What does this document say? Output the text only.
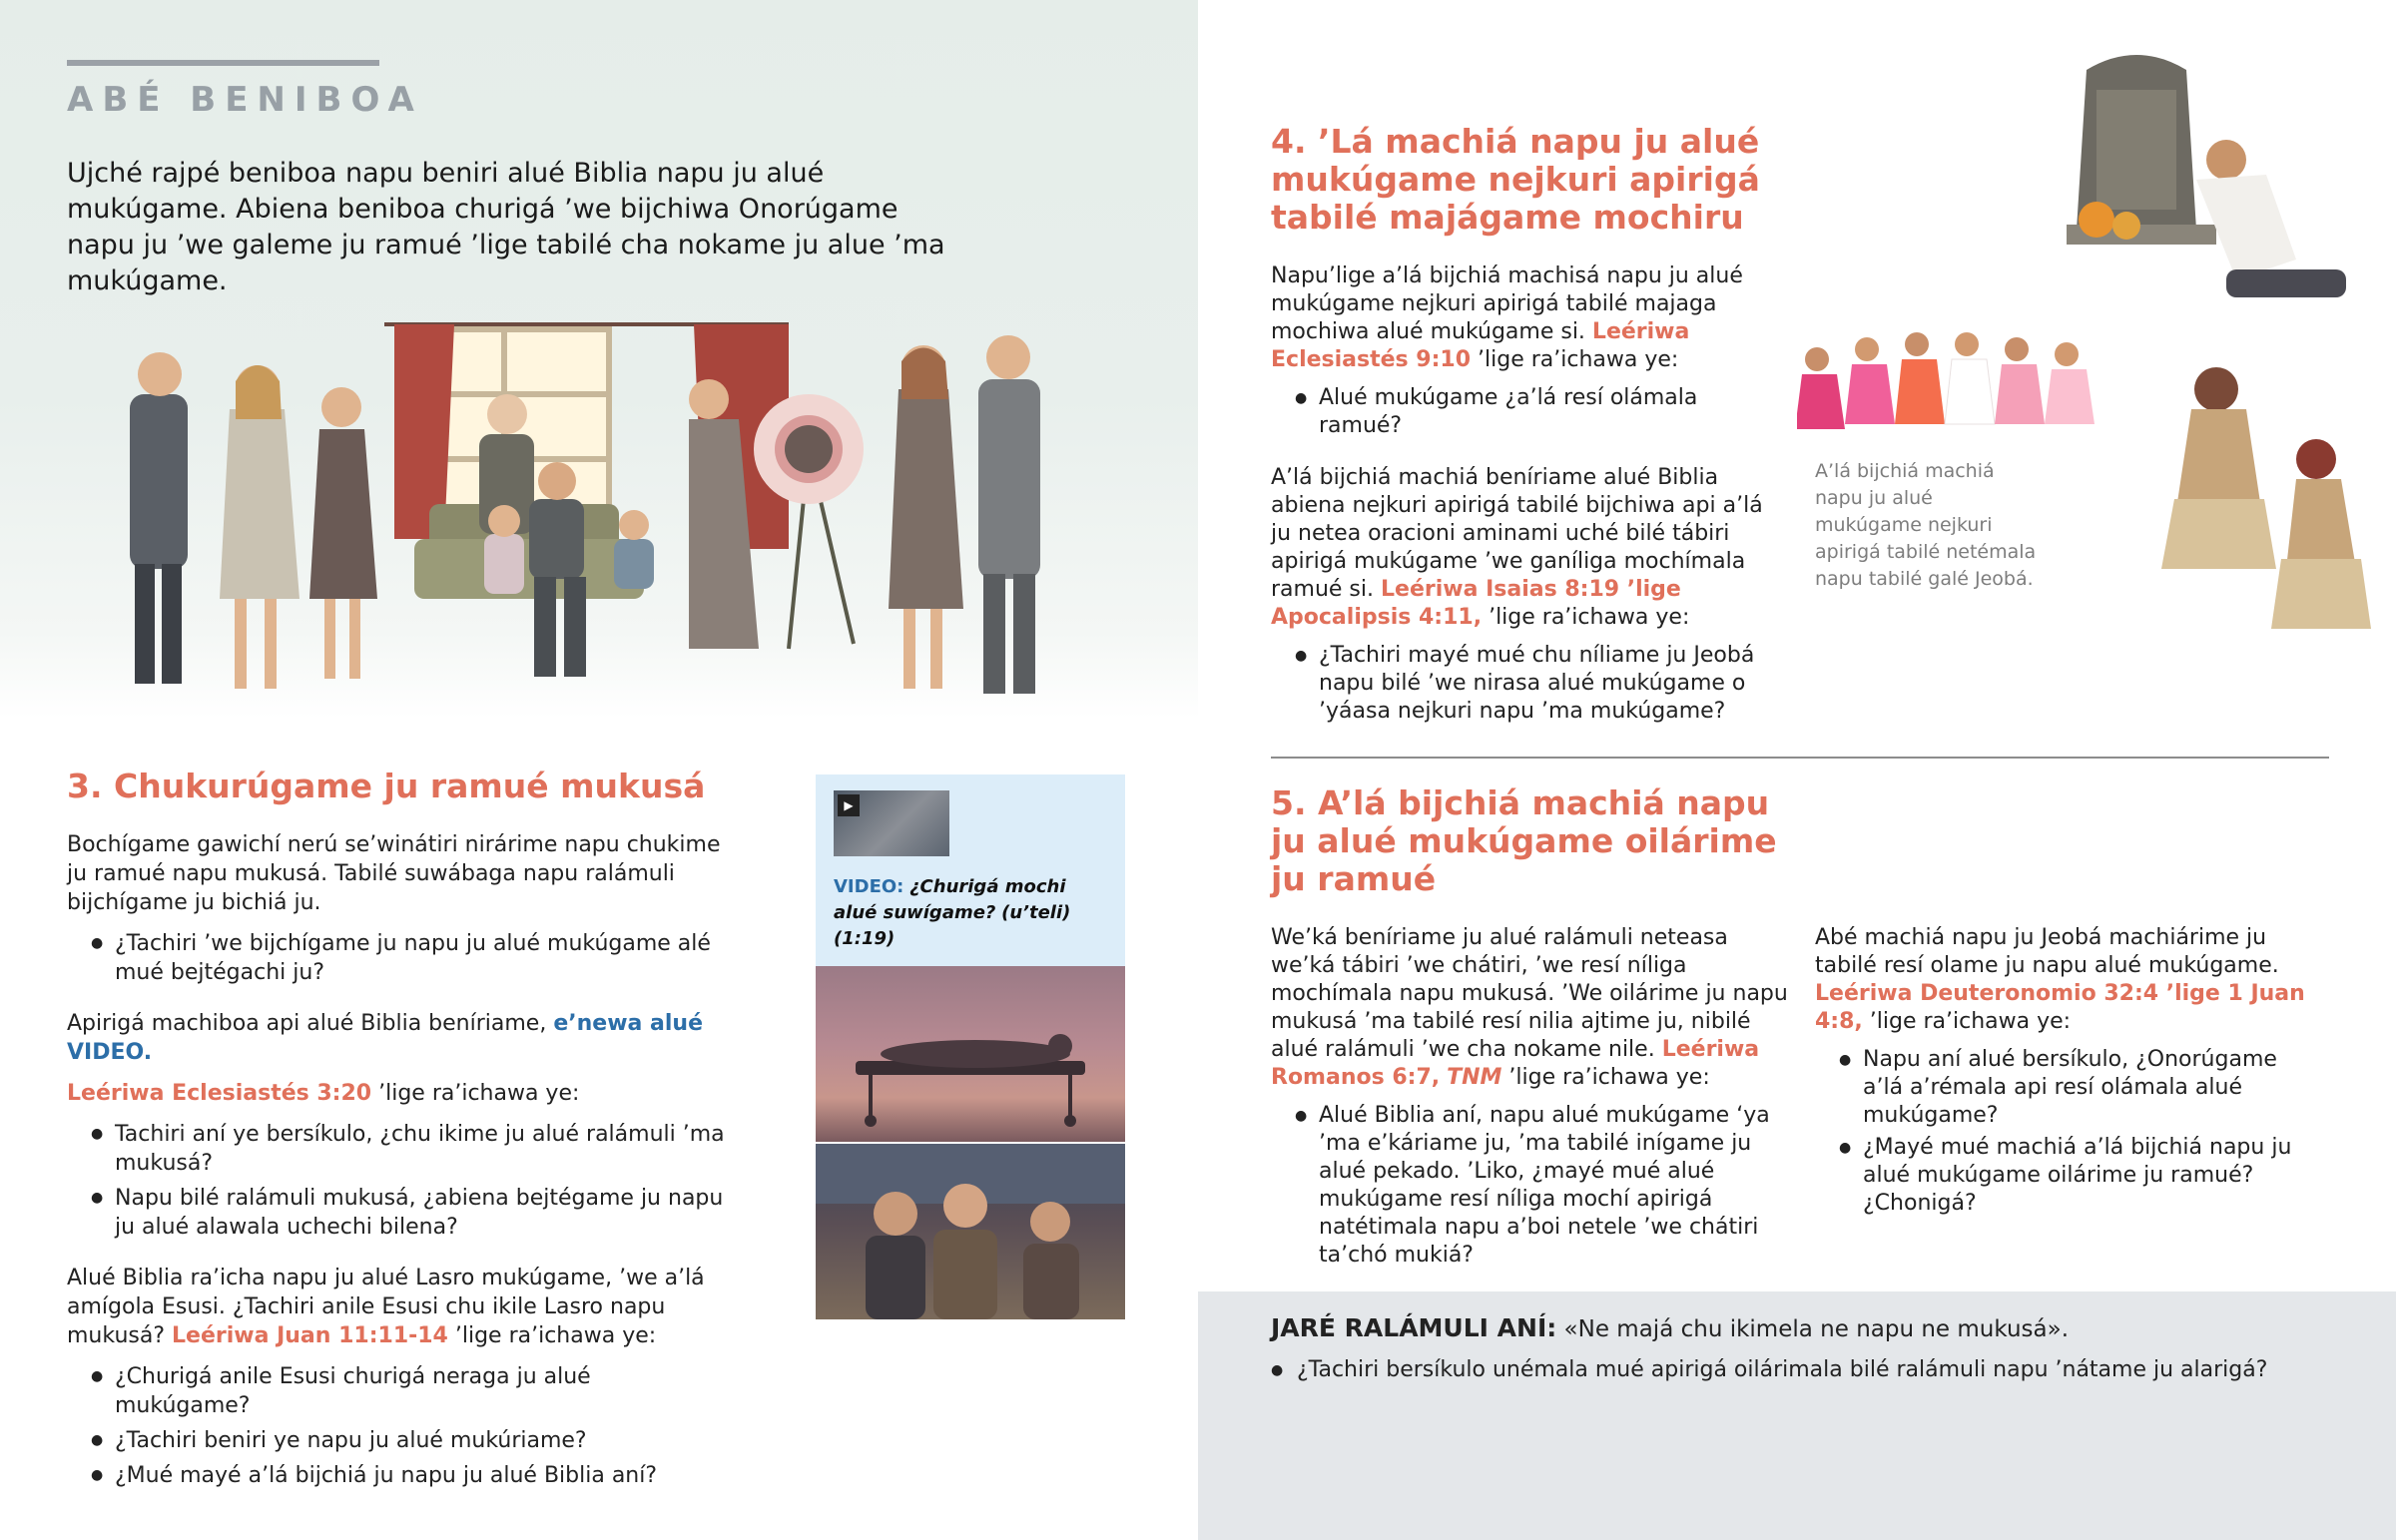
ABÉ BENIBOA
Ujché rajpé beniboa napu beniri alué Biblia napu ju alué mukúgame. Abiena beniboa churigá ’we bijchiwa Onorúgame napu ju ’we galeme ju ramué ’lige tabilé cha nokame ju alue ’ma mukúgame.
3. Chukurúgame ju ramué mukusá

Bochígame gawichí nerú se’winátiri nirárime napu chukime ju ramué napu mukusá. Tabilé suwábaga napu ralámuli bijchígame ju bichiá ju.

● ¿Tachiri ’we bijchígame ju napu ju alué mukúgame alé mué bejtégachi ju?

Apirigá machiboa api alué Biblia beníriame, e’newa alué VIDEO.

Leériwa Eclesiastés 3:20 ’lige ra’ichawa ye:

● Tachiri aní ye bersíkulo, ¿chu ikime ju alué ralámuli ’ma mukusá?
● Napu bilé ralámuli mukusá, ¿abiena bejtégame ju napu ju alué alawala uchechi bilena?

Alué Biblia ra’icha napu ju alué Lasro mukúgame, ’we a’lá amígola Esusi. ¿Tachiri anile Esusi chu ikile Lasro napu mukusá? Leériwa Juan 11:11-14 ’lige ra’ichawa ye:

● ¿Churigá anile Esusi churigá neraga ju alué mukúgame?
● ¿Tachiri beniri ye napu ju alué mukúriame?
● ¿Mué mayé a’lá bijchiá ju napu ju alué Biblia aní?
▶
VIDEO: ¿Churigá mochi alué suwígame? (u’teli) (1:19)
4. ’Lá machiá napu ju alué mukúgame nejkuri apirigá tabilé majágame mochiru

Napu’lige a’lá bijchiá machisá napu ju alué mukúgame nejkuri apirigá tabilé majaga mochiwa alué mukúgame si. Leériwa Eclesiastés 9:10 ’lige ra’ichawa ye:

● Alué mukúgame ¿a’lá resí olámala ramué?

A’lá bijchiá machiá beníriame alué Biblia abiena nejkuri apirigá tabilé bijchiwa api a’lá ju netea oracioni aminami uché bilé tábiri apirigá mukúgame ’we ganíliga mochímala ramué si. Leériwa Isaias 8:19 ’lige Apocalipsis 4:11, ’lige ra’ichawa ye:

● ¿Tachiri mayé mué chu níliame ju Jeobá napu bilé ’we nirasa alué mukúgame o ’yáasa nejkuri napu ’ma mukúgame?
A’lá bijchiá machiá napu ju alué mukúgame nejkuri apirigá tabilé netémala napu tabilé galé Jeobá.
5. A’lá bijchiá machiá napu ju alué mukúgame oilárime ju ramué

We’ká beníriame ju alué ralámuli neteasa we’ká tábiri ’we chátiri, ’we resí níliga mochímala napu mukusá. ’We oilárime ju napu mukusá ’ma tabilé resí nilia ajtime ju, nibilé alué ralámuli ’we cha nokame nile. Leériwa Romanos 6:7, TNM ’lige ra’ichawa ye:

● Alué Biblia aní, napu alué mukúgame ‘ya ’ma e’káriame ju, ’ma tabilé inígame ju alué pekado. ’Liko, ¿mayé mué alué mukúgame resí níliga mochí apirigá natétimala napu a’boi netele ’we chátiri ta’chó mukiá?

Abé machiá napu ju Jeobá machiárime ju tabilé resí olame ju napu alué mukúgame. Leériwa Deuteronomio 32:4 ’lige 1 Juan 4:8, ’lige ra’ichawa ye:

● Napu aní alué bersíkulo, ¿Onorúgame a’lá a’rémala api resí olámala alué mukúgame?
● ¿Mayé mué machiá a’lá bijchiá napu ju alué mukúgame oilárime ju ramué? ¿Chonigá?
JARÉ RALÁMULI ANÍ: «Ne majá chu ikimela ne napu ne mukusá».
● ¿Tachiri bersíkulo unémala mué apirigá oilárimala bilé ralámuli napu ’nátame ju alarigá?
